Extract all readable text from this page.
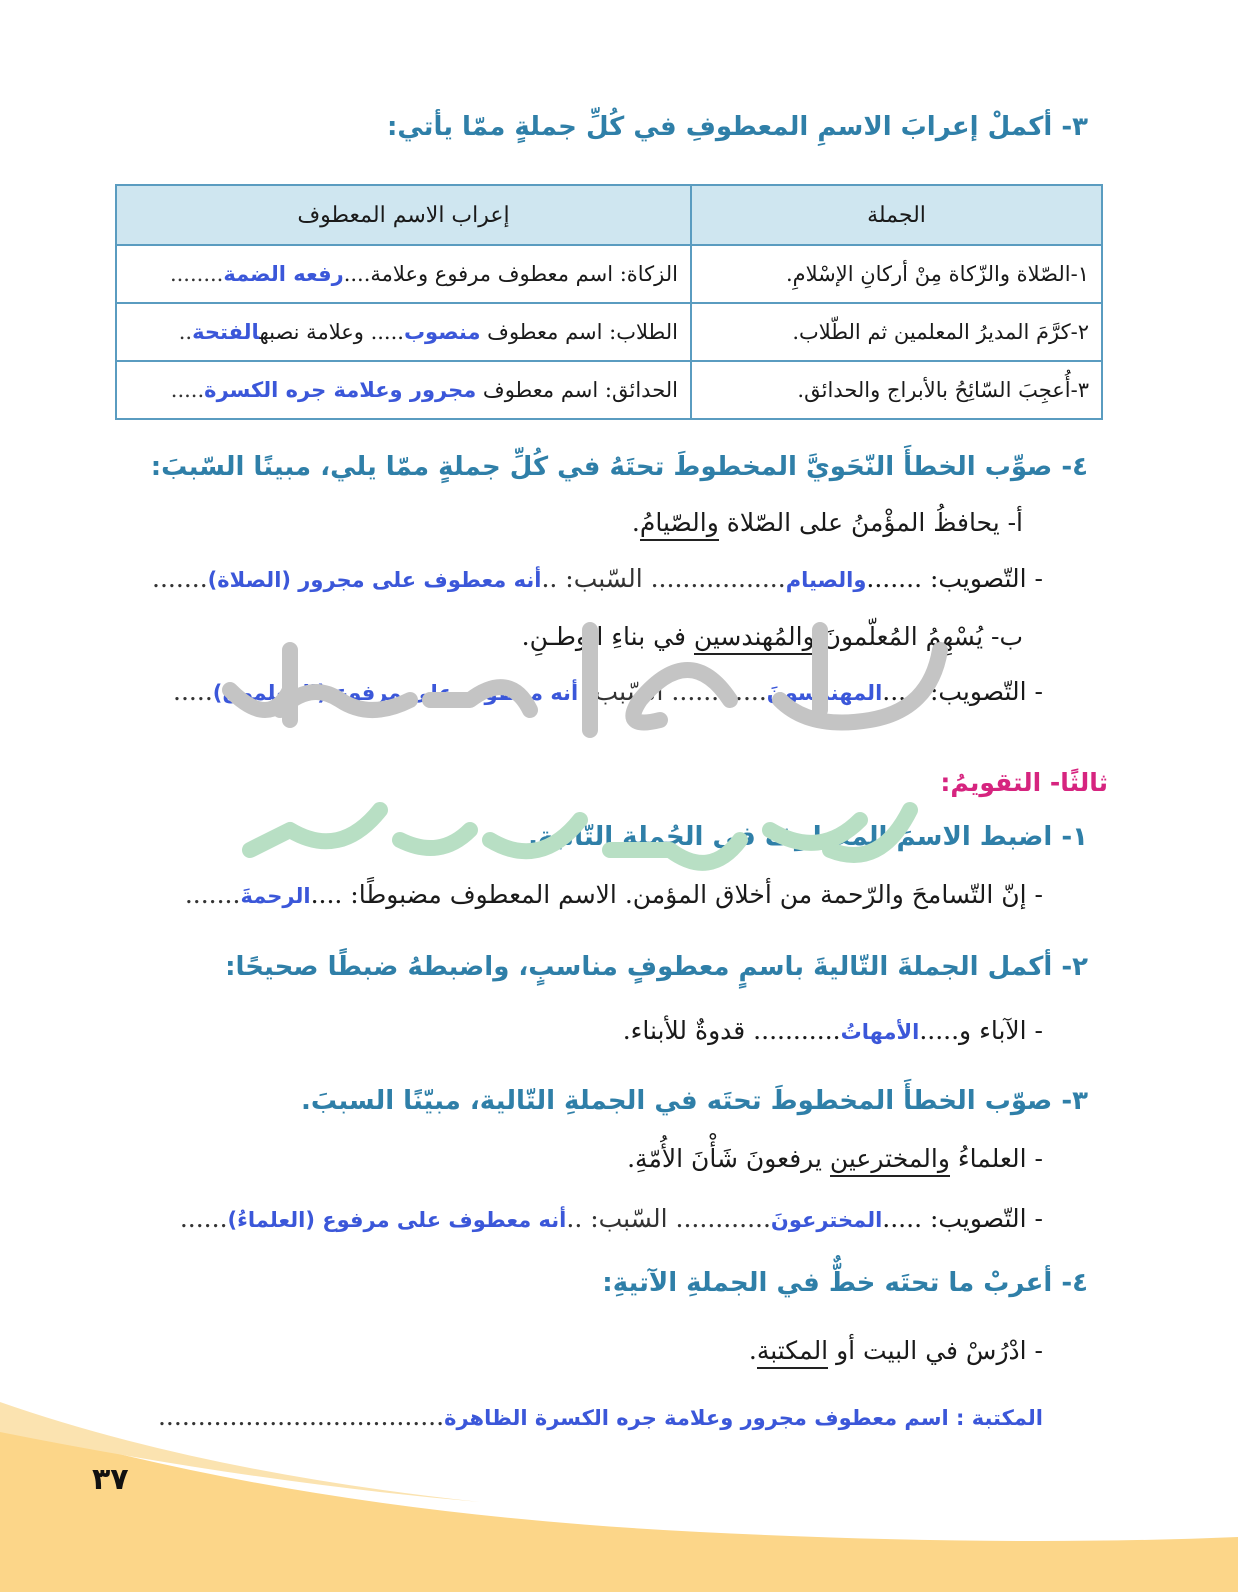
٣- أكملْ إعرابَ الاسمِ المعطوفِ في كُلِّ جملةٍ ممّا يأتي:
الجملة	إعراب الاسم المعطوف
١-الصّلاة والزّكاة مِنْ أركانِ الإسْلامِ.	الزكاة: اسم معطوف مرفوع وعلامة....رفعه الضمة........
٢-كرَّمَ المديرُ المعلمين ثم الطّلاب.	الطلاب: اسم معطوف منصوب..... وعلامة نصبهالفتحة..
٣-أُعجِبَ السّائِحُ بالأبراج والحدائق.	الحدائق: اسم معطوف مجرور وعلامة جره الكسرة.....
٤- صوِّب الخطأَ النّحَويَّ المخطوطَ تحتَهُ في كُلِّ جملةٍ ممّا يلي، مبينًا السّببَ:
أ- يحافظُ المؤْمنُ على الصّلاة والصّيامُ.
- التّصويب: .......والصيام................. السّبب: ..أنه معطوف على مجرور (الصلاة).......
ب- يُسْهِمُ المُعلّمونَ والمُهندسين في بناءِ الوطـنِ.
- التّصويب: .....المهندسونَ............ السّبب: أنه معطوف على مرفوع (المعلمون).....
ثالثًا- التقويمُ:
١- اضبط الاسمَ المعْطوفَ في الجُملةِ التّاليةِ.
- إنّ التّسامحَ والرّحمة من أخلاق المؤمن. الاسم المعطوف مضبوطًا: ....الرحمةَ.......
٢- أكمل الجملةَ التّاليةَ باسمٍ معطوفٍ مناسبٍ، واضبطهُ ضبطًا صحيحًا:
- الآباء و.....الأمهاتُ........... قدوةٌ للأبناء.
٣- صوّب الخطأَ المخطوطَ تحتَه في الجملةِ التّالية، مبيّنًا السببَ.
- العلماءُ والمخترعين يرفعونَ شَأْنَ الأُمّةِ.
- التّصويب: .....المخترعونَ............ السّبب: ..أنه معطوف على مرفوع (العلماءُ)......
٤- أعربْ ما تحتَه خطٌّ في الجملةِ الآتيةِ:
- ادْرُسْ في البيت أو المكتبة.
المكتبة : اسم معطوف مجرور وعلامة جره الكسرة الظاهرة....................................
٣٧
